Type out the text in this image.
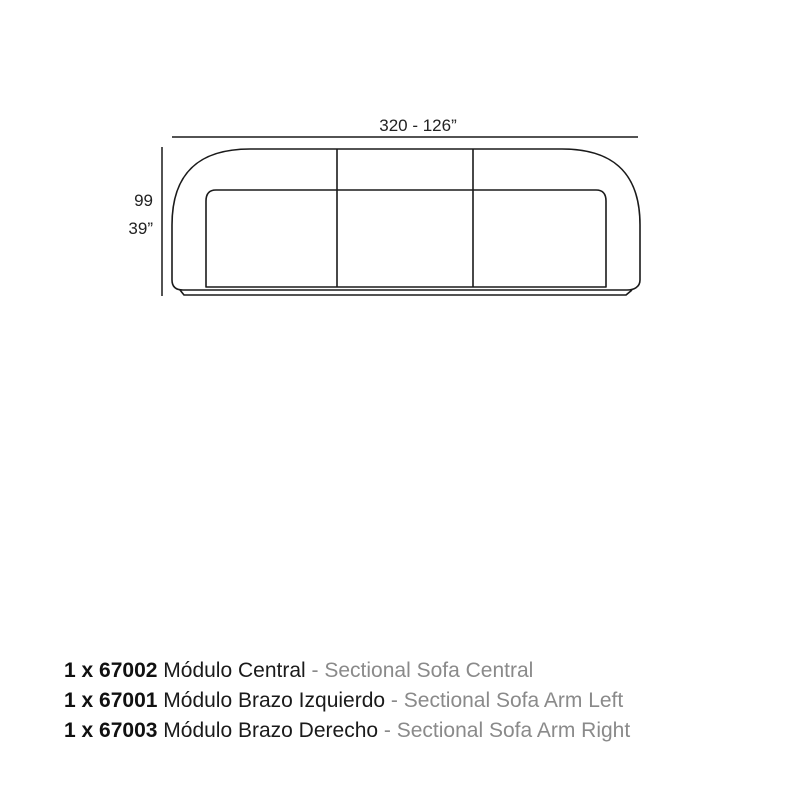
320 - 126”
99
39”
1 x 67002 Módulo Central - Sectional Sofa Central
1 x 67001 Módulo Brazo Izquierdo - Sectional Sofa Arm Left
1 x 67003 Módulo Brazo Derecho - Sectional Sofa Arm Right
